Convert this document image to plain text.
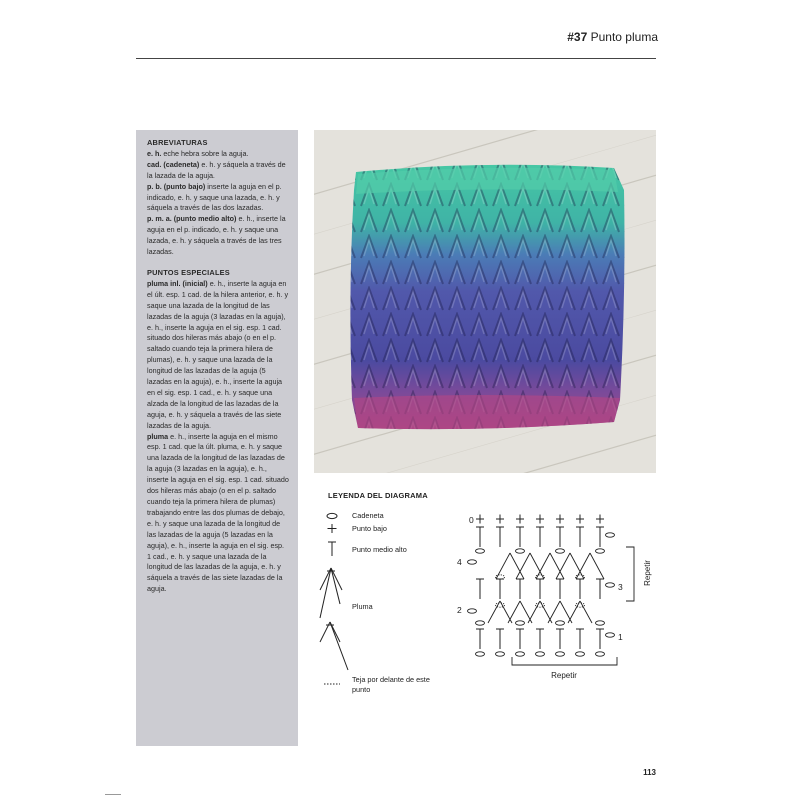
#37 Punto pluma
ABREVIATURAS

e. h. eche hebra sobre la aguja.

cad. (cadeneta) e. h. y sáquela a través de la lazada de la aguja.

p. b. (punto bajo) inserte la aguja en el p. indicado, e. h. y saque una lazada, e. h. y sáquela a través de las dos lazadas.

p. m. a. (punto medio alto) e. h., inserte la aguja en el p. indicado, e. h. y saque una lazada, e. h. y sáquela a través de las tres lazadas.

PUNTOS ESPECIALES

pluma inl. (inicial) e. h., inserte la aguja en el últ. esp. 1 cad. de la hilera anterior, e. h. y saque una lazada de la longitud de las lazadas de la aguja (3 lazadas en la aguja), e. h., inserte la aguja en el sig. esp. 1 cad. situado dos hileras más abajo (o en el p. saltado cuando teja la primera hilera de plumas), e. h. y saque una lazada de la longitud de las lazadas de la aguja (5 lazadas en la aguja), e. h., inserte la aguja en el sig. esp. 1 cad., e. h. y saque una alzada de la longitud de las lazadas de la aguja, e. h. y sáquela a través de las siete lazadas de la aguja.

pluma e. h., inserte la aguja en el mismo esp. 1 cad. que la últ. pluma, e. h. y saque una lazada de la longitud de las lazadas de la aguja (3 lazadas en la aguja), e. h., inserte la aguja en el sig. esp. 1 cad. situado dos hileras más abajo (o en el p. saltado cuando teja la primera hilera de plumas) trabajando entre las dos plumas de debajo, e. h. y saque una lazada de la longitud de las lazadas de la aguja (5 lazadas en la aguja), e. h., inserte la aguja en el sig. esp. 1 cad., e. h. y saque una lazada de la longitud de las lazadas de la aguja, e. h. y sáquela a través de las siete lazadas de la aguja.

LEYENDA DEL DIAGRAMA
Cadeneta
Punto bajo
Punto medio alto
Pluma
Teja por delante de este punto
0
1
2
3
4
Repetir
Repetir
113
